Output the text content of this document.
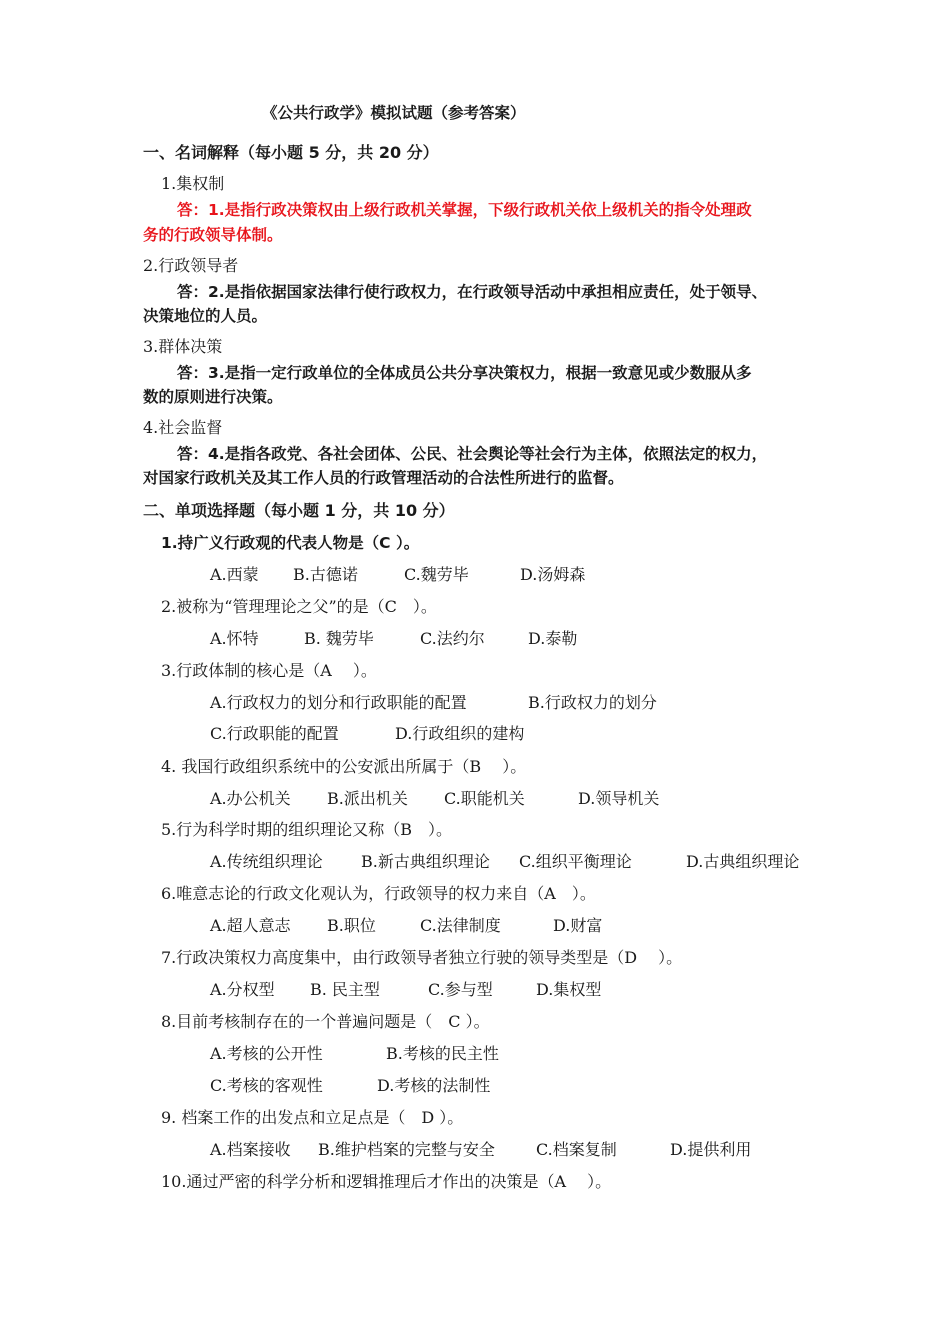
《公共行政学》模拟试题（参考答案）
一、名词解释（每小题 5 分，共 20 分）
1.集权制
答：1.是指行政决策权由上级行政机关掌握，下级行政机关依上级机关的指令处理政
务的行政领导体制。
2.行政领导者
答：2.是指依据国家法律行使行政权力，在行政领导活动中承担相应责任，处于领导、
决策地位的人员。
3.群体决策
答：3.是指一定行政单位的全体成员公共分享决策权力，根据一致意见或少数服从多
数的原则进行决策。
4.社会监督
答：4.是指各政党、各社会团体、公民、社会舆论等社会行为主体，依照法定的权力，
对国家行政机关及其工作人员的行政管理活动的合法性所进行的监督。
二、单项选择题（每小题 1 分，共 10 分）
1.持广义行政观的代表人物是（C ）。
A.西蒙 B.古德诺	C.魏劳毕	D.汤姆森
2.被称为“管理理论之父”的是（C　）。
A.怀特	B. 魏劳毕	C.法约尔	D.泰勒
3.行政体制的核心是（A　 ）。
A.行政权力的划分和行政职能的配置	B.行政权力的划分
C.行政职能的配置	D.行政组织的建构
4. 我国行政组织系统中的公安派出所属于（B　 ）。
A.办公机关 B.派出机关 C.职能机关	D.领导机关
5.行为科学时期的组织理论又称（B　）。
A.传统组织理论 B.新古典组织理论 C.组织平衡理论	D.古典组织理论
6.唯意志论的行政文化观认为，行政领导的权力来自（A　）。
A.超人意志 B.职位	C.法律制度	D.财富
7.行政决策权力高度集中，由行政领导者独立行驶的领导类型是（D　 ）。
A.分权型 B. 民主型	C.参与型	D.集权型
8.目前考核制存在的一个普遍问题是（　C ）。
A.考核的公开性	B.考核的民主性
C.考核的客观性	D.考核的法制性
9. 档案工作的出发点和立足点是（　D ）。
A.档案接收 B.维护档案的完整与安全	C.档案复制	D.提供利用
10.通过严密的科学分析和逻辑推理后才作出的决策是（A　 ）。
